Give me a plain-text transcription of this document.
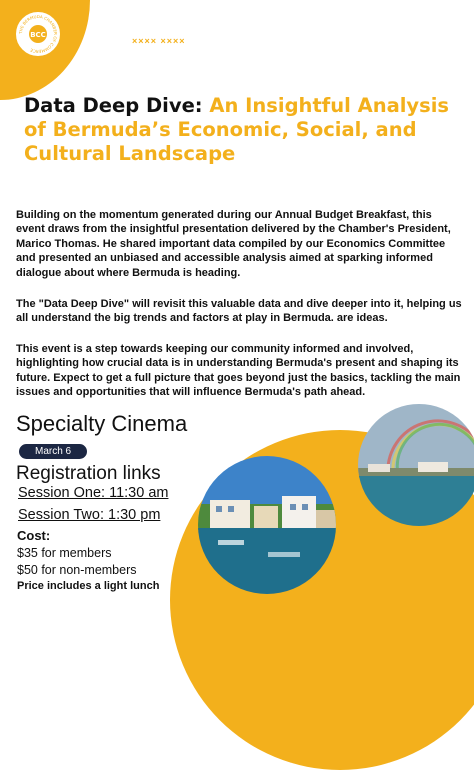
THE BERMUDA CHAMBER OF COMMERCE
BCC
×××× ××××
Data Deep Dive: An Insightful Analysis of Bermuda’s Economic, Social, and Cultural Landscape
Building on the momentum generated during our Annual Budget Breakfast, this event draws from the insightful presentation delivered by the Chamber's President, Marico Thomas. He shared important data compiled by our Economics Committee and presented an unbiased and accessible analysis aimed at sparking informed dialogue about where Bermuda is heading.
The "Data Deep Dive" will revisit this valuable data and dive deeper into it, helping us all understand the big trends and factors at play in Bermuda. are ideas.
This event is a step towards keeping our community informed and involved, highlighting how crucial data is in understanding Bermuda's present and shaping its future. Expect to get a full picture that goes beyond just the basics, tackling the main issues and opportunities that will influence Bermuda's path ahead.
Specialty Cinema
March 6
Registration links
Session One: 11:30 am
Session Two: 1:30 pm
Cost:
$35 for members
$50 for non-members
Price includes a light lunch
